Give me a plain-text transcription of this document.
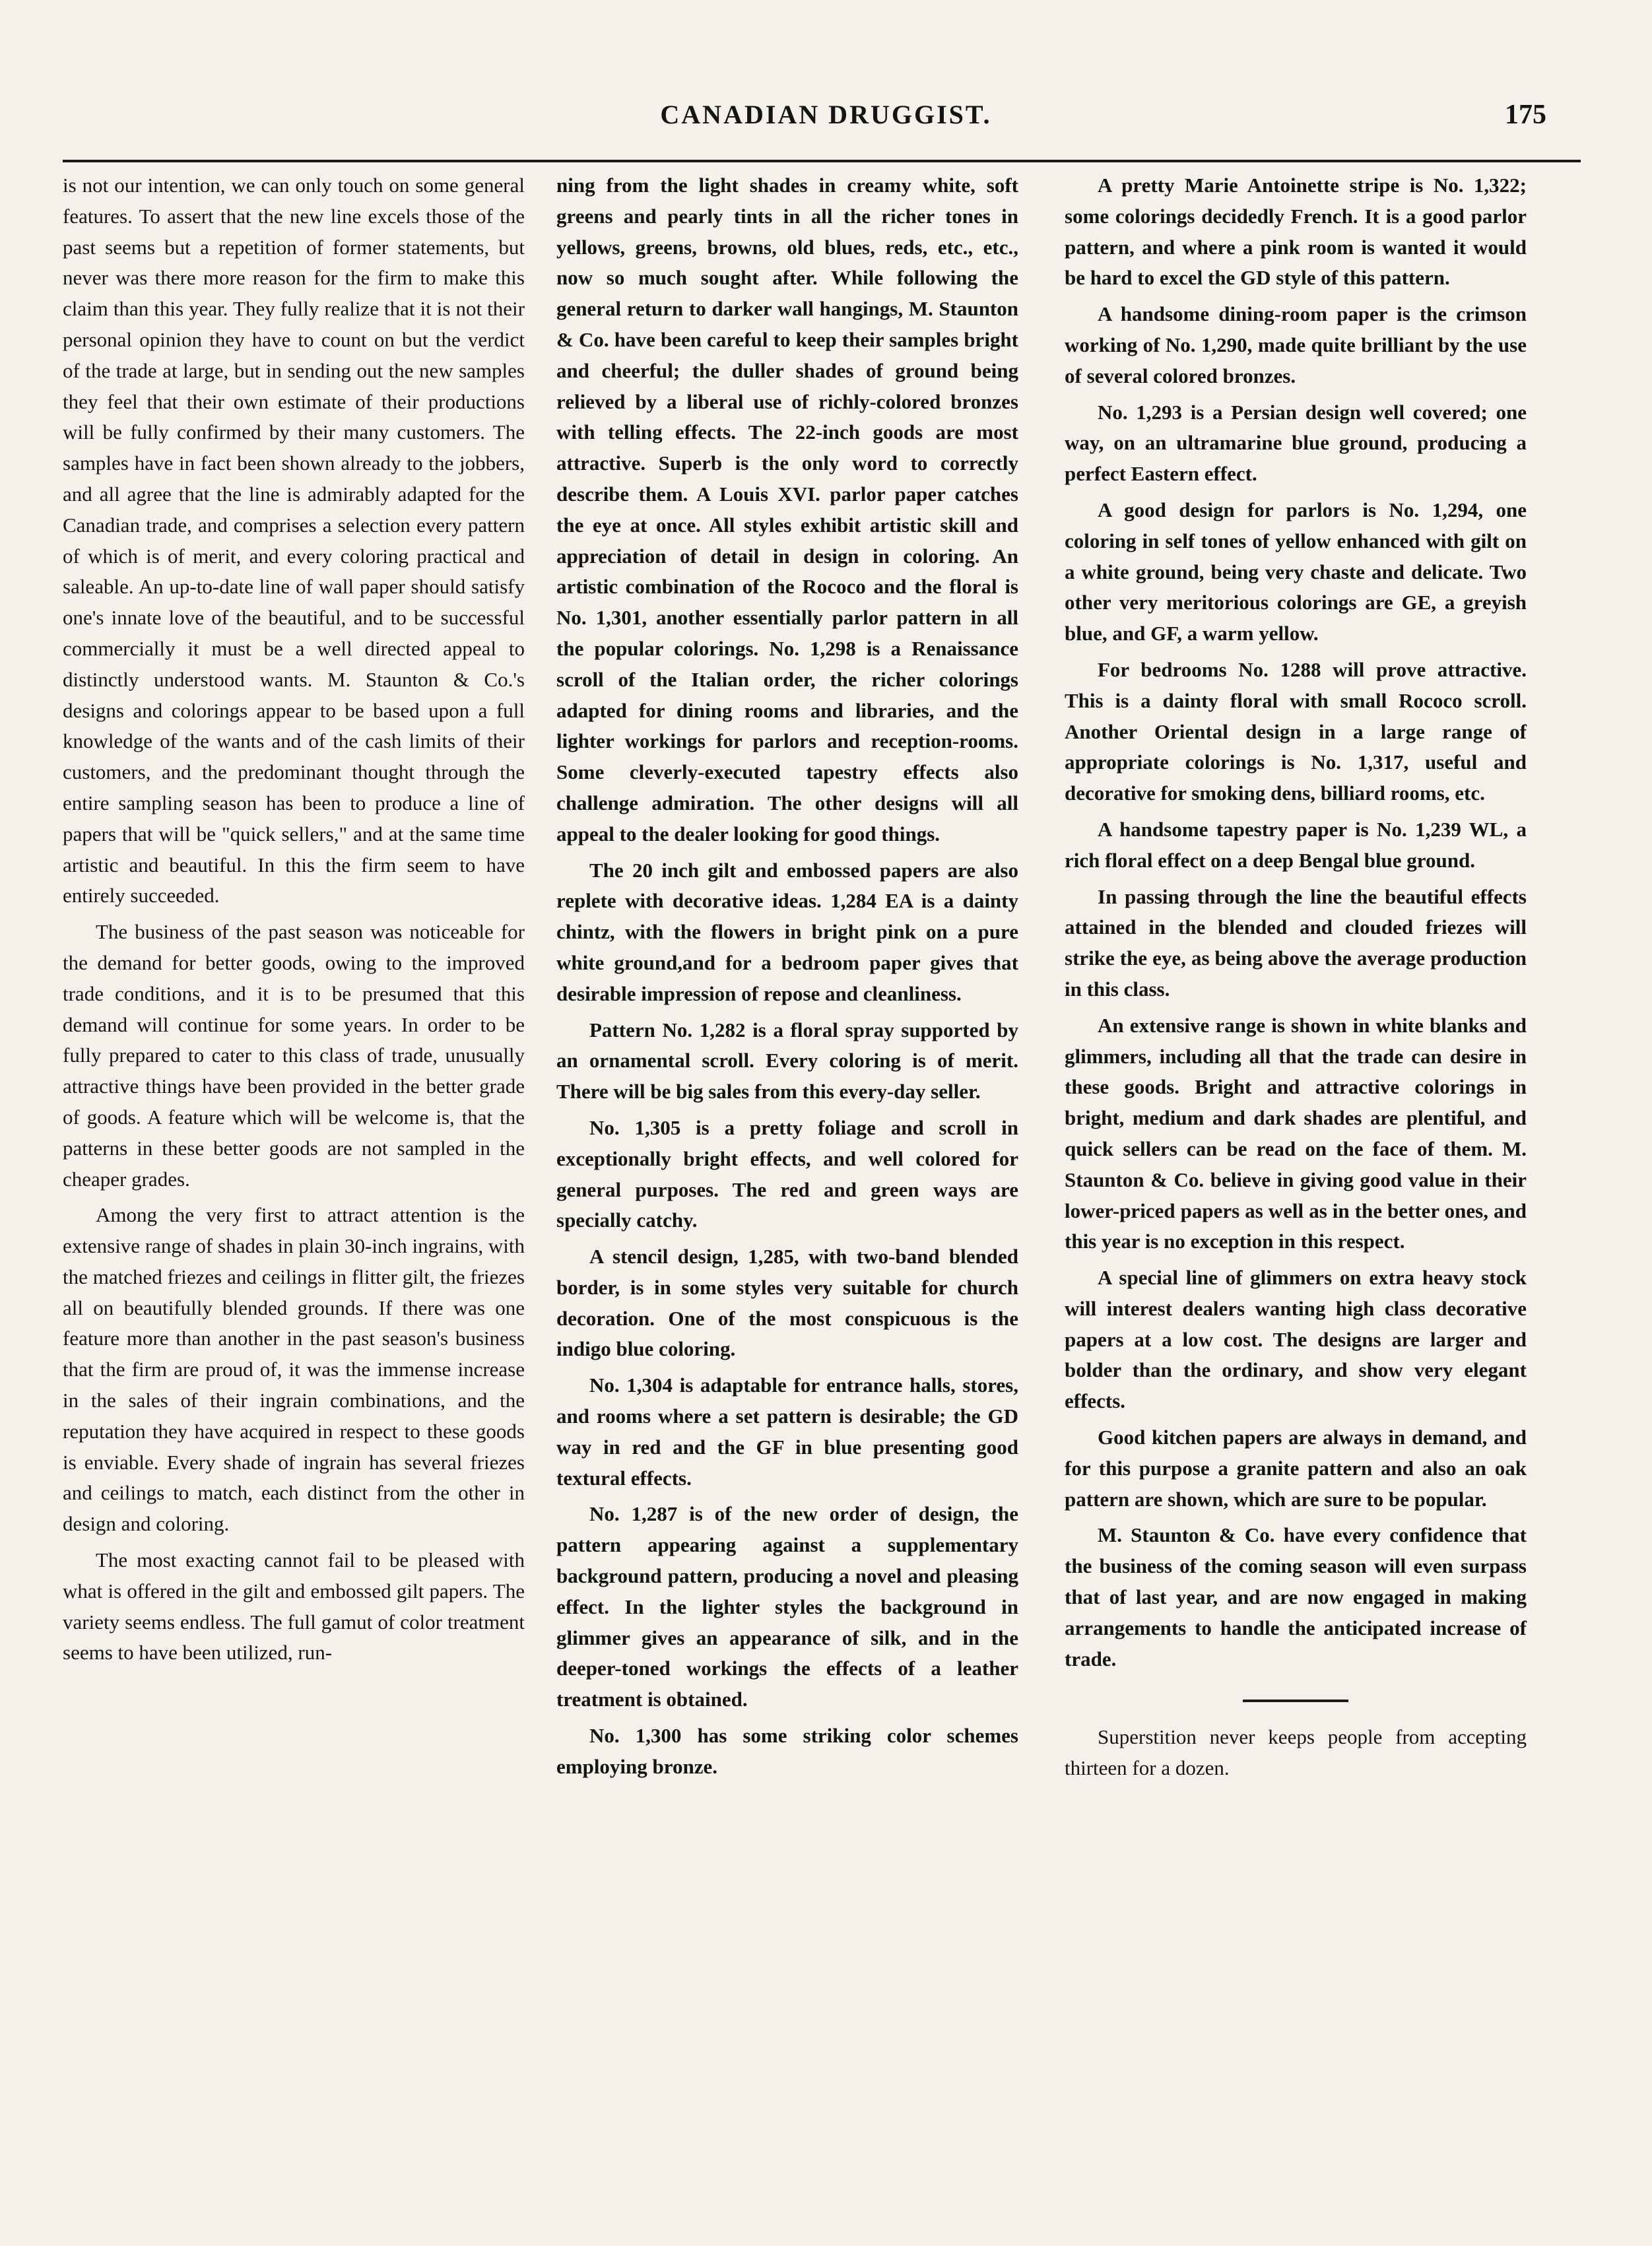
CANADIAN DRUGGIST.	175

is not our intention, we can only touch on some general features. To assert that the new line excels those of the past seems but a repetition of former statements, but never was there more reason for the firm to make this claim than this year. They fully realize that it is not their personal opinion they have to count on but the verdict of the trade at large, but in sending out the new samples they feel that their own estimate of their productions will be fully confirmed by their many customers. The samples have in fact been shown already to the jobbers, and all agree that the line is admirably adapted for the Canadian trade, and comprises a selection every pattern of which is of merit, and every coloring practical and saleable. An up-to-date line of wall paper should satisfy one's innate love of the beautiful, and to be successful commercially it must be a well directed appeal to distinctly understood wants. M. Staunton & Co.'s designs and colorings appear to be based upon a full knowledge of the wants and of the cash limits of their customers, and the predominant thought through the entire sampling season has been to produce a line of papers that will be "quick sellers," and at the same time artistic and beautiful. In this the firm seem to have entirely succeeded.

The business of the past season was noticeable for the demand for better goods, owing to the improved trade conditions, and it is to be presumed that this demand will continue for some years. In order to be fully prepared to cater to this class of trade, unusually attractive things have been provided in the better grade of goods. A feature which will be welcome is, that the patterns in these better goods are not sampled in the cheaper grades.

Among the very first to attract attention is the extensive range of shades in plain 30-inch ingrains, with the matched friezes and ceilings in flitter gilt, the friezes all on beautifully blended grounds. If there was one feature more than another in the past season's business that the firm are proud of, it was the immense increase in the sales of their ingrain combinations, and the reputation they have acquired in respect to these goods is enviable. Every shade of ingrain has several friezes and ceilings to match, each distinct from the other in design and coloring.

The most exacting cannot fail to be pleased with what is offered in the gilt and embossed gilt papers. The variety seems endless. The full gamut of color treatment seems to have been utilized, run-

ning from the light shades in creamy white, soft greens and pearly tints in all the richer tones in yellows, greens, browns, old blues, reds, etc., etc., now so much sought after. While following the general return to darker wall hangings, M. Staunton & Co. have been careful to keep their samples bright and cheerful; the duller shades of ground being relieved by a liberal use of richly-colored bronzes with telling effects. The 22-inch goods are most attractive. Superb is the only word to correctly describe them. A Louis XVI. parlor paper catches the eye at once. All styles exhibit artistic skill and appreciation of detail in design in coloring. An artistic combination of the Rococo and the floral is No. 1,301, another essentially parlor pattern in all the popular colorings. No. 1,298 is a Renaissance scroll of the Italian order, the richer colorings adapted for dining rooms and libraries, and the lighter workings for parlors and reception-rooms. Some cleverly-executed tapestry effects also challenge admiration. The other designs will all appeal to the dealer looking for good things.

The 20 inch gilt and embossed papers are also replete with decorative ideas. 1,284 EA is a dainty chintz, with the flowers in bright pink on a pure white ground,and for a bedroom paper gives that desirable impression of repose and cleanliness.

Pattern No. 1,282 is a floral spray supported by an ornamental scroll. Every coloring is of merit. There will be big sales from this every-day seller.

No. 1,305 is a pretty foliage and scroll in exceptionally bright effects, and well colored for general purposes. The red and green ways are specially catchy.

A stencil design, 1,285, with two-band blended border, is in some styles very suitable for church decoration. One of the most conspicuous is the indigo blue coloring.

No. 1,304 is adaptable for entrance halls, stores, and rooms where a set pattern is desirable; the GD way in red and the GF in blue presenting good textural effects.

No. 1,287 is of the new order of design, the pattern appearing against a supplementary background pattern, producing a novel and pleasing effect. In the lighter styles the background in glimmer gives an appearance of silk, and in the deeper-toned workings the effects of a leather treatment is obtained.

No. 1,300 has some striking color schemes employing bronze.

A pretty Marie Antoinette stripe is No. 1,322; some colorings decidedly French. It is a good parlor pattern, and where a pink room is wanted it would be hard to excel the GD style of this pattern.

A handsome dining-room paper is the crimson working of No. 1,290, made quite brilliant by the use of several colored bronzes.

No. 1,293 is a Persian design well covered; one way, on an ultramarine blue ground, producing a perfect Eastern effect.

A good design for parlors is No. 1,294, one coloring in self tones of yellow enhanced with gilt on a white ground, being very chaste and delicate. Two other very meritorious colorings are GE, a greyish blue, and GF, a warm yellow.

For bedrooms No. 1288 will prove attractive. This is a dainty floral with small Rococo scroll. Another Oriental design in a large range of appropriate colorings is No. 1,317, useful and decorative for smoking dens, billiard rooms, etc.

A handsome tapestry paper is No. 1,239 WL, a rich floral effect on a deep Bengal blue ground.

In passing through the line the beautiful effects attained in the blended and clouded friezes will strike the eye, as being above the average production in this class.

An extensive range is shown in white blanks and glimmers, including all that the trade can desire in these goods. Bright and attractive colorings in bright, medium and dark shades are plentiful, and quick sellers can be read on the face of them. M. Staunton & Co. believe in giving good value in their lower-priced papers as well as in the better ones, and this year is no exception in this respect.

A special line of glimmers on extra heavy stock will interest dealers wanting high class decorative papers at a low cost. The designs are larger and bolder than the ordinary, and show very elegant effects.

Good kitchen papers are always in demand, and for this purpose a granite pattern and also an oak pattern are shown, which are sure to be popular.

M. Staunton & Co. have every confidence that the business of the coming season will even surpass that of last year, and are now engaged in making arrangements to handle the anticipated increase of trade.

Superstition never keeps people from accepting thirteen for a dozen.
